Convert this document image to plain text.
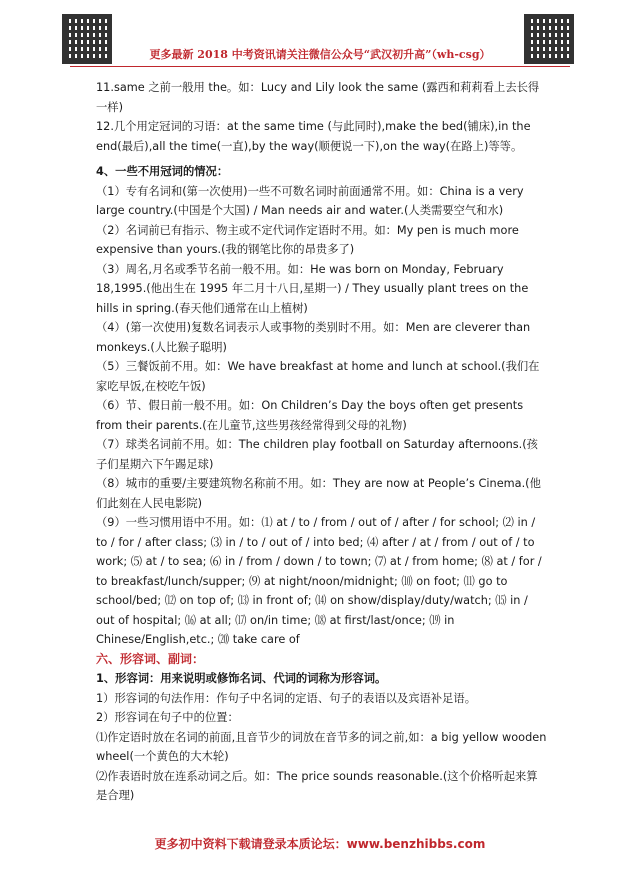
更多最新 2018 中考资讯请关注微信公众号“武汉初升高”（wh-csg）

11.same 之前一般用 the。如：Lucy and Lily look the same (露西和莉莉看上去长得一样)

12.几个用定冠词的习语：at the same time (与此同时),make the bed(铺床),in the end(最后),all the time(一直),by the way(顺便说一下),on the way(在路上)等等。

4、一些不用冠词的情况：

（1）专有名词和(第一次使用)一些不可数名词时前面通常不用。如：China is a very large country.(中国是个大国) / Man needs air and water.(人类需要空气和水)

（2）名词前已有指示、物主或不定代词作定语时不用。如：My pen is much more expensive than yours.(我的钢笔比你的昂贵多了)

（3）周名,月名或季节名前一般不用。如：He was born on Monday, February 18,1995.(他出生在 1995 年二月十八日,星期一) / They usually plant trees on the hills in spring.(春天他们通常在山上植树)

（4）(第一次使用)复数名词表示人或事物的类别时不用。如：Men are cleverer than monkeys.(人比猴子聪明)

（5）三餐饭前不用。如：We have breakfast at home and lunch at school.(我们在家吃早饭,在校吃午饭)

（6）节、假日前一般不用。如：On Children’s Day the boys often get presents from their parents.(在儿童节,这些男孩经常得到父母的礼物)

（7）球类名词前不用。如：The children play football on Saturday afternoons.(孩子们星期六下午踢足球)

（8）城市的重要/主要建筑物名称前不用。如：They are now at People’s Cinema.(他们此刻在人民电影院)

（9）一些习惯用语中不用。如：⑴ at / to / from / out of / after / for school; ⑵ in / to / for / after class; ⑶ in / to / out of / into bed; ⑷ after / at / from / out of / to work; ⑸ at / to sea; ⑹ in / from / down / to town; ⑺ at / from home; ⑻ at / for / to breakfast/lunch/supper; ⑼ at night/noon/midnight; ⑽ on foot; ⑾ go to school/bed; ⑿ on top of; ⒀ in front of; ⒁ on show/display/duty/watch; ⒂ in / out of hospital; ⒃ at all; ⒄ on/in time; ⒅ at first/last/once; ⒆ in Chinese/English,etc.; ⒇ take care of

六、形容词、副词：

1、形容词：用来说明或修饰名词、代词的词称为形容词。

1）形容词的句法作用：作句子中名词的定语、句子的表语以及宾语补足语。

2）形容词在句子中的位置：

⑴作定语时放在名词的前面,且音节少的词放在音节多的词之前,如：a big yellow wooden wheel(一个黄色的大木轮)

⑵作表语时放在连系动词之后。如：The price sounds reasonable.(这个价格听起来算是合理)

更多初中资料下载请登录本质论坛：www.benzhibbs.com
